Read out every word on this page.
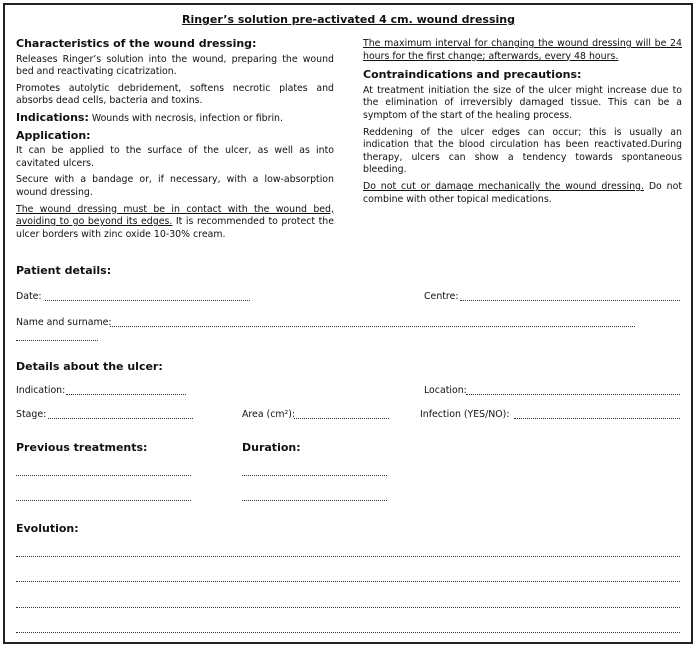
Ringer’s solution pre-activated 4 cm. wound dressing
Characteristics of the wound dressing:

Releases Ringer’s solution into the wound, preparing the wound bed and reactivating cicatrization.

Promotes autolytic debridement, softens necrotic plates and absorbs dead cells, bacteria and toxins.

Indications: Wounds with necrosis, infection or fibrin.

Application:

It can be applied to the surface of the ulcer, as well as into cavitated ulcers.

Secure with a bandage or, if necessary, with a low-absorption wound dressing.

The wound dressing must be in contact with the wound bed, avoiding to go beyond its edges. It is recommended to protect the ulcer borders with zinc oxide 10-30% cream.

The maximum interval for changing the wound dressing will be 24 hours for the first change; afterwards, every 48 hours.

Contraindications and precautions:

At treatment initiation the size of the ulcer might increase due to the elimination of irreversibly damaged tissue. This can be a symptom of the start of the healing process.

Reddening of the ulcer edges can occur; this is usually an indication that the blood circulation has been reactivated.During therapy, ulcers can show a tendency towards spontaneous bleeding.

Do not cut or damage mechanically the wound dressing. Do not combine with other topical medications.

Patient details:
Date:	Centre:
Name and surname:
Details about the ulcer:
Indication:	Location:
Stage:	Area (cm²):	Infection (YES/NO):
Previous treatments:	Duration:
Evolution:
